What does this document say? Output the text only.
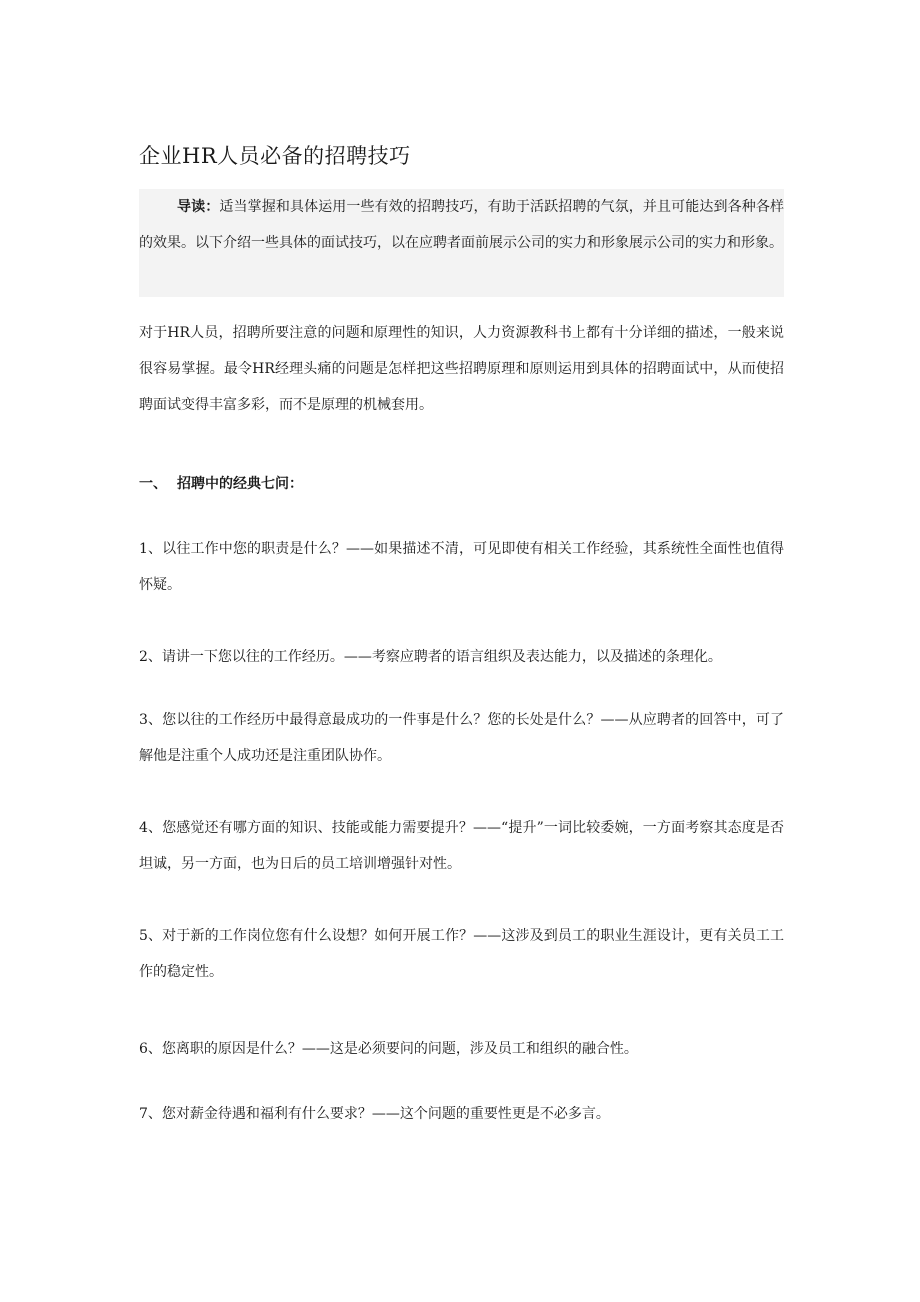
企业HR人员必备的招聘技巧

导读：适当掌握和具体运用一些有效的招聘技巧，有助于活跃招聘的气氛，并且可能达到各种各样的效果。以下介绍一些具体的面试技巧，以在应聘者面前展示公司的实力和形象展示公司的实力和形象。

对于HR人员，招聘所要注意的问题和原理性的知识，人力资源教科书上都有十分详细的描述，一般来说很容易掌握。最令HR经理头痛的问题是怎样把这些招聘原理和原则运用到具体的招聘面试中，从而使招聘面试变得丰富多彩，而不是原理的机械套用。

一、 招聘中的经典七问：

1、以往工作中您的职责是什么？——如果描述不清，可见即使有相关工作经验，其系统性全面性也值得怀疑。

2、请讲一下您以往的工作经历。——考察应聘者的语言组织及表达能力，以及描述的条理化。

3、您以往的工作经历中最得意最成功的一件事是什么？您的长处是什么？——从应聘者的回答中，可了解他是注重个人成功还是注重团队协作。

4、您感觉还有哪方面的知识、技能或能力需要提升？——“提升”一词比较委婉，一方面考察其态度是否坦诚，另一方面，也为日后的员工培训增强针对性。

5、对于新的工作岗位您有什么设想？如何开展工作？——这涉及到员工的职业生涯设计，更有关员工工作的稳定性。

6、您离职的原因是什么？——这是必须要问的问题，涉及员工和组织的融合性。

7、您对薪金待遇和福利有什么要求？——这个问题的重要性更是不必多言。
